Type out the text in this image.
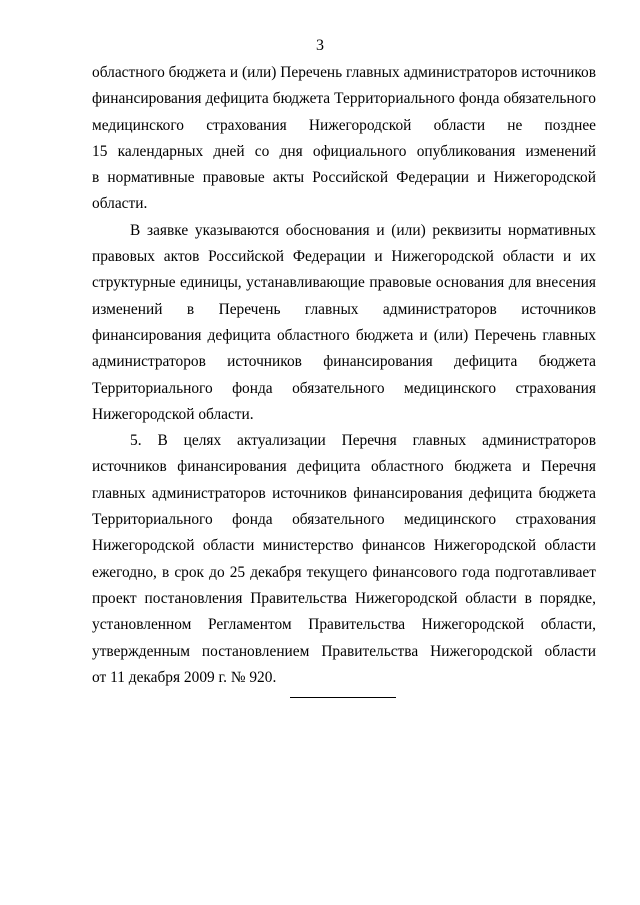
3
областного бюджета и (или) Перечень главных администраторов источников
финансирования дефицита бюджета Территориального фонда обязательного
медицинского страхования Нижегородской области не позднее
15 календарных дней со дня официального опубликования изменений
в нормативные правовые акты Российской Федерации и Нижегородской
области.
В заявке указываются обоснования и (или) реквизиты нормативных
правовых актов Российской Федерации и Нижегородской области и их
структурные единицы, устанавливающие правовые основания для внесения
изменений в Перечень главных администраторов источников
финансирования дефицита областного бюджета и (или) Перечень главных
администраторов источников финансирования дефицита бюджета
Территориального фонда обязательного медицинского страхования
Нижегородской области.
5. В целях актуализации Перечня главных администраторов
источников финансирования дефицита областного бюджета и Перечня
главных администраторов источников финансирования дефицита бюджета
Территориального фонда обязательного медицинского страхования
Нижегородской области министерство финансов Нижегородской области
ежегодно, в срок до 25 декабря текущего финансового года подготавливает
проект постановления Правительства Нижегородской области в порядке,
установленном Регламентом Правительства Нижегородской области,
утвержденным постановлением Правительства Нижегородской области
от 11 декабря 2009 г. № 920.
